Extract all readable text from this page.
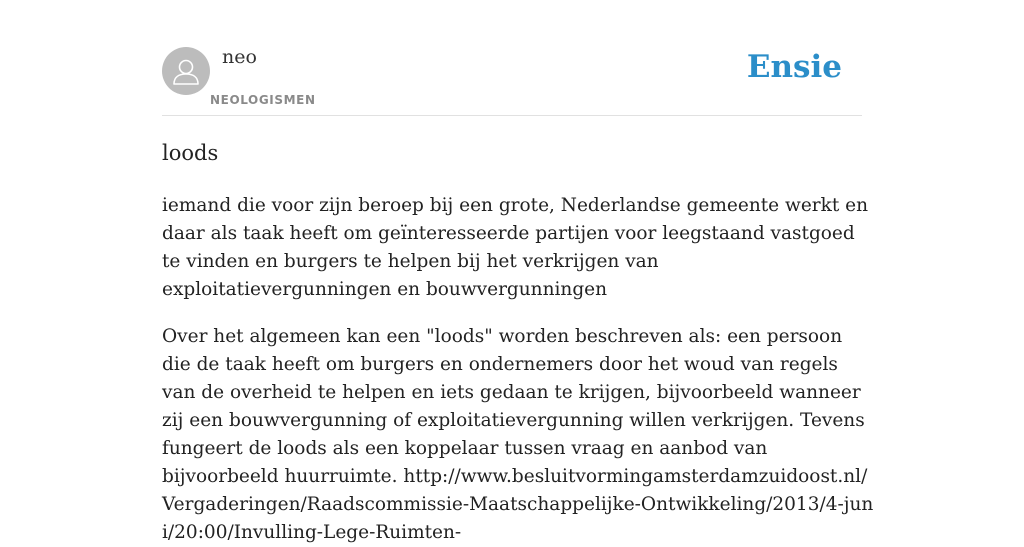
neo
NEOLOGISMEN
Ensie
loods

iemand die voor zijn beroep bij een grote, Nederlandse gemeente werkt en daar als taak heeft om geïnteresseerde partijen voor leegstaand vastgoed te vinden en burgers te helpen bij het verkrijgen van exploitatievergunningen en bouwvergunningen

Over het algemeen kan een "loods" worden beschreven als: een persoon die de taak heeft om burgers en ondernemers door het woud van regels van de overheid te helpen en iets gedaan te krijgen, bijvoorbeeld wanneer zij een bouwvergunning of exploitatievergunning willen verkrijgen. Tevens fungeert de loods als een koppelaar tussen vraag en aanbod van bijvoorbeeld huurruimte. http://www.besluitvormingamsterdamzuidoost.nl/Vergaderingen/Raadscommissie-Maatschappelijke-Ontwikkeling/2013/4-juni/20:00/Invulling-Lege-Ruimten-
